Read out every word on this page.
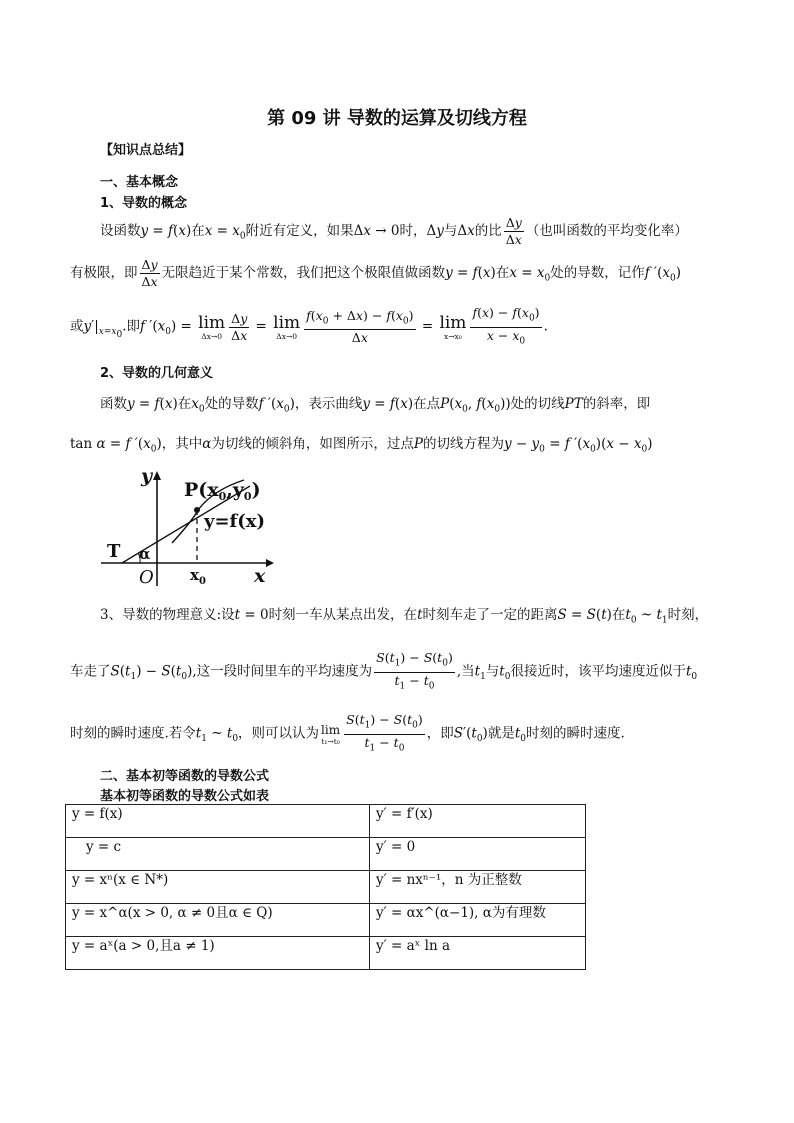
第 09 讲 导数的运算及切线方程
【知识点总结】
一、基本概念
1、导数的概念
设函数y = f(x)在$x = x_0$附近有定义，如果Δx → 0时，Δy与Δx的比 $\frac{\Delta y}{\Delta x}$ （也叫函数的平均变化率）
有极限，即 $\frac{\Delta y}{\Delta x}$ 无限趋近于某个常数，我们把这个极限值做函数y = f(x)在$x = x_0$处的导数，记作f $'(x_0)$
或$y'|_{x=x_0}$.即f $'(x_0) = \lim$
$\Delta x\to 0 \frac{\Delta y}{\Delta x} = \lim$
$\Delta x\to 0 \frac{f(x_0 + \Delta x) - f(x_0)}{\Delta x} = \lim$
$x\to x_0 \frac{f(x) - f(x_0)}{x - x_0}$ .
2、导数的几何意义
函数y = f(x)在$x_0$处的导数f $'(x_0)$，表示曲线y = f(x)在点$P(x_0$, $f(x_0)$)处的切线PT的斜率，即
tan α = f $'(x_0)$，其中α为切线的倾斜角，如图所示，过点P的切线方程为$y - y_0 = f$ $'(x_0)(x - x_0)$
y
x
$P(x_0,y_0)$
y=f(x)
T α
O $x_0$
3、导数的物理意义:设t = 0时刻一车从某点出发，在t时刻车走了一定的距离S = S(t)在$t_0$ ~ $t_1$时刻，
车走了$S(t_1) - S(t_0)$,这一段时间里车的平均速度为 $\frac{S(t_1) - S(t_0)}{t_1 - t_0}$ ,当$t_1$与$t_0$很接近时，该平均速度近似于$t_0$
时刻的瞬时速度.若令$t_1$ ~ $t_0$，则可以认为 lim
$t_1\to t_0 \frac{S(t_1) - S(t_0)}{t_1 - t_0}$ ，即$S'(t_0)$就是$t_0$时刻的瞬时速度.
二、基本初等函数的导数公式
基本初等函数的导数公式如表
y = f(x)	y′ = f′(x)
y = c	y′ = 0
y = xⁿ(x ∈ N*)	y′ = nxⁿ⁻¹，n 为正整数
y = x^α(x > 0, α ≠ 0且α ∈ Q)	y′ = αx^(α−1), α为有理数
y = aˣ(a > 0,且a ≠ 1)	y′ = aˣ ln a
